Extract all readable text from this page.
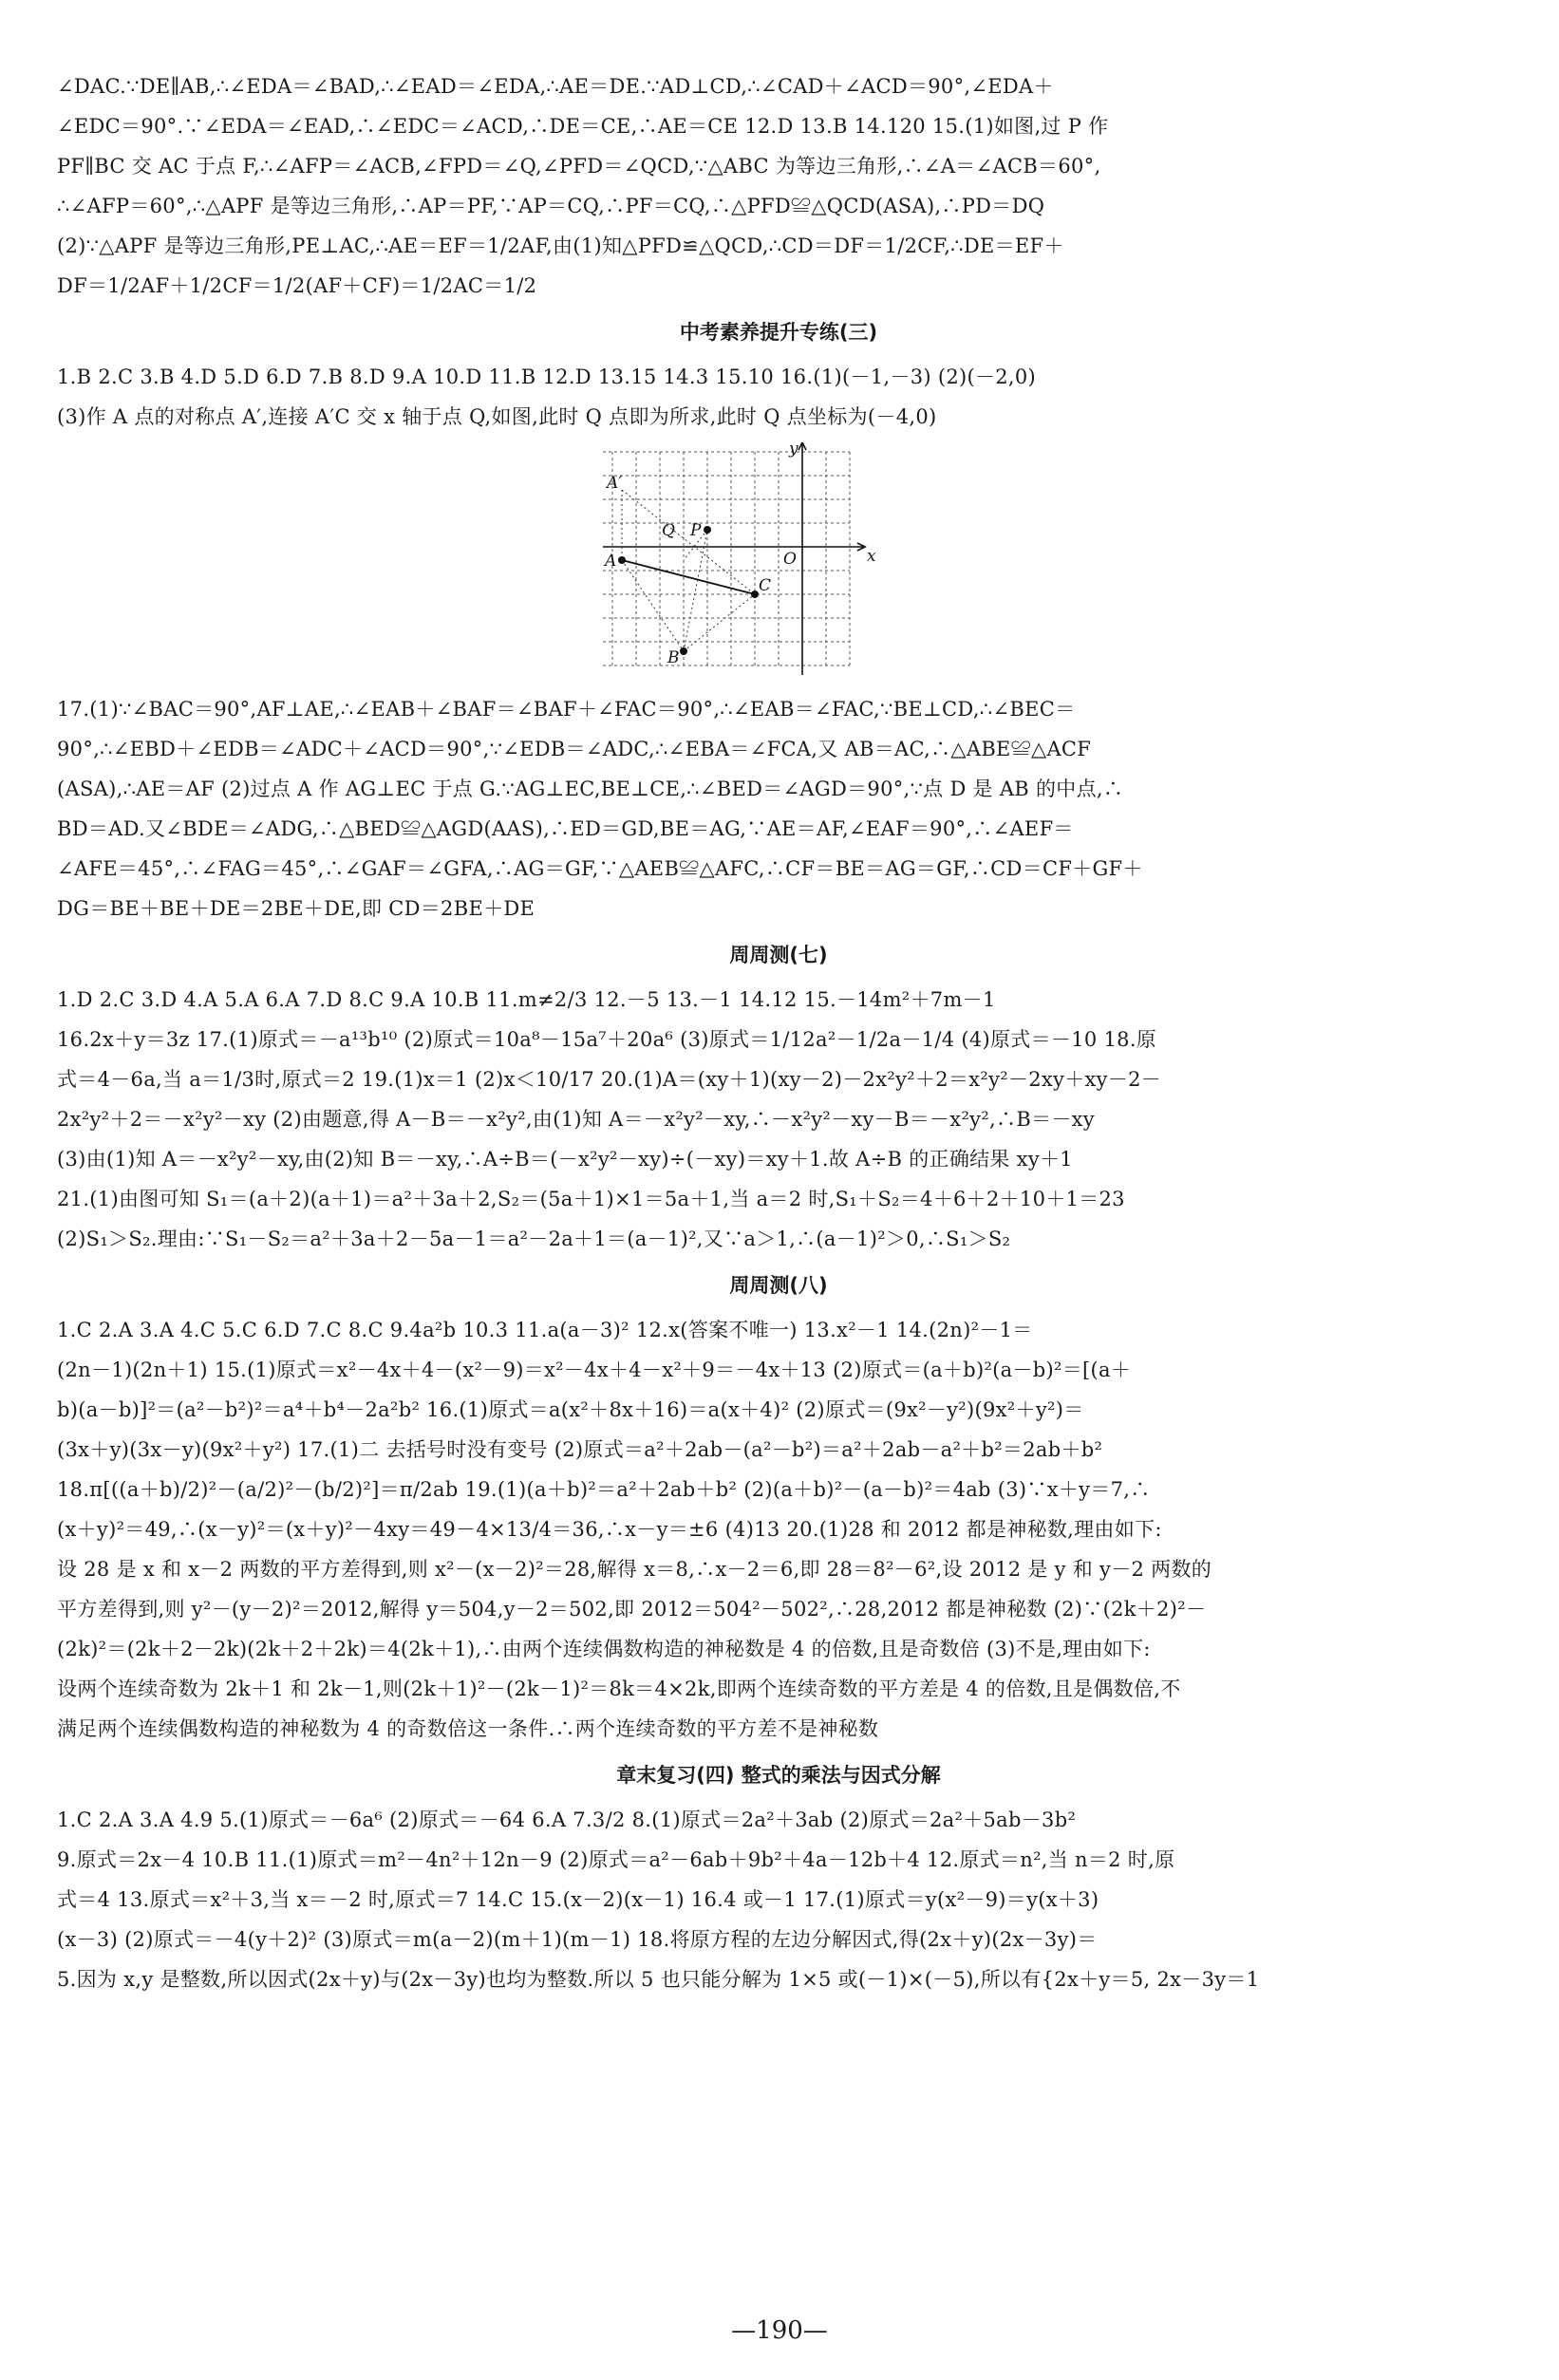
∠DAC.∵DE∥AB,∴∠EDA＝∠BAD,∴∠EAD＝∠EDA,∴AE＝DE.∵AD⊥CD,∴∠CAD＋∠ACD＝90°,∠EDA＋
∠EDC＝90°.∵∠EDA＝∠EAD,∴∠EDC＝∠ACD,∴DE＝CE,∴AE＝CE 12.D 13.B 14.120 15.(1)如图,过 P 作
PF∥BC 交 AC 于点 F,∴∠AFP＝∠ACB,∠FPD＝∠Q,∠PFD＝∠QCD,∵△ABC 为等边三角形,∴∠A＝∠ACB＝60°,
∴∠AFP＝60°,∴△APF 是等边三角形,∴AP＝PF,∵AP＝CQ,∴PF＝CQ,∴△PFD≌△QCD(ASA),∴PD＝DQ
(2)∵△APF 是等边三角形,PE⊥AC,∴AE＝EF＝1/2AF,由(1)知△PFD≌△QCD,∴CD＝DF＝1/2CF,∴DE＝EF＋
DF＝1/2AF＋1/2CF＝1/2(AF＋CF)＝1/2AC＝1/2
中考素养提升专练(三)
1.B 2.C 3.B 4.D 5.D 6.D 7.B 8.D 9.A 10.D 11.B 12.D 13.15 14.3 15.10 16.(1)(－1,－3) (2)(－2,0)
(3)作 A 点的对称点 A′,连接 A′C 交 x 轴于点 Q,如图,此时 Q 点即为所求,此时 Q 点坐标为(－4,0)
A′
Q P
A
C
B
O	x
y
17.(1)∵∠BAC＝90°,AF⊥AE,∴∠EAB＋∠BAF＝∠BAF＋∠FAC＝90°,∴∠EAB＝∠FAC,∵BE⊥CD,∴∠BEC＝
90°,∴∠EBD＋∠EDB＝∠ADC＋∠ACD＝90°,∵∠EDB＝∠ADC,∴∠EBA＝∠FCA,又 AB＝AC,∴△ABE≌△ACF
(ASA),∴AE＝AF (2)过点 A 作 AG⊥EC 于点 G.∵AG⊥EC,BE⊥CE,∴∠BED＝∠AGD＝90°,∵点 D 是 AB 的中点,∴
BD＝AD.又∠BDE＝∠ADG,∴△BED≌△AGD(AAS),∴ED＝GD,BE＝AG,∵AE＝AF,∠EAF＝90°,∴∠AEF＝
∠AFE＝45°,∴∠FAG＝45°,∴∠GAF＝∠GFA,∴AG＝GF,∵△AEB≌△AFC,∴CF＝BE＝AG＝GF,∴CD＝CF＋GF＋
DG＝BE＋BE＋DE＝2BE＋DE,即 CD＝2BE＋DE
周周测(七)
1.D 2.C 3.D 4.A 5.A 6.A 7.D 8.C 9.A 10.B 11.m≠2/3 12.－5 13.－1 14.12 15.－14m²＋7m－1
16.2x＋y＝3z 17.(1)原式＝－a¹³b¹⁰ (2)原式＝10a⁸－15a⁷＋20a⁶ (3)原式＝1/12a²－1/2a－1/4 (4)原式＝－10 18.原
式＝4－6a,当 a＝1/3时,原式＝2 19.(1)x＝1 (2)x＜10/17 20.(1)A＝(xy＋1)(xy－2)－2x²y²＋2＝x²y²－2xy＋xy－2－
2x²y²＋2＝－x²y²－xy (2)由题意,得 A－B＝－x²y²,由(1)知 A＝－x²y²－xy,∴－x²y²－xy－B＝－x²y²,∴B＝－xy
(3)由(1)知 A＝－x²y²－xy,由(2)知 B＝－xy,∴A÷B＝(－x²y²－xy)÷(－xy)＝xy＋1.故 A÷B 的正确结果 xy＋1
21.(1)由图可知 S₁＝(a＋2)(a＋1)＝a²＋3a＋2,S₂＝(5a＋1)×1＝5a＋1,当 a＝2 时,S₁＋S₂＝4＋6＋2＋10＋1＝23
(2)S₁＞S₂.理由:∵S₁－S₂＝a²＋3a＋2－5a－1＝a²－2a＋1＝(a－1)²,又∵a＞1,∴(a－1)²＞0,∴S₁＞S₂
周周测(八)
1.C 2.A 3.A 4.C 5.C 6.D 7.C 8.C 9.4a²b 10.3 11.a(a－3)² 12.x(答案不唯一) 13.x²－1 14.(2n)²－1＝
(2n－1)(2n＋1) 15.(1)原式＝x²－4x＋4－(x²－9)＝x²－4x＋4－x²＋9＝－4x＋13 (2)原式＝(a＋b)²(a－b)²＝[(a＋
b)(a－b)]²＝(a²－b²)²＝a⁴＋b⁴－2a²b² 16.(1)原式＝a(x²＋8x＋16)＝a(x＋4)² (2)原式＝(9x²－y²)(9x²＋y²)＝
(3x＋y)(3x－y)(9x²＋y²) 17.(1)二 去括号时没有变号 (2)原式＝a²＋2ab－(a²－b²)＝a²＋2ab－a²＋b²＝2ab＋b²
18.π[((a＋b)/2)²－(a/2)²－(b/2)²]＝π/2ab 19.(1)(a＋b)²＝a²＋2ab＋b² (2)(a＋b)²－(a－b)²＝4ab (3)∵x＋y＝7,∴
(x＋y)²＝49,∴(x－y)²＝(x＋y)²－4xy＝49－4×13/4＝36,∴x－y＝±6 (4)13 20.(1)28 和 2012 都是神秘数,理由如下:
设 28 是 x 和 x－2 两数的平方差得到,则 x²－(x－2)²＝28,解得 x＝8,∴x－2＝6,即 28＝8²－6²,设 2012 是 y 和 y－2 两数的
平方差得到,则 y²－(y－2)²＝2012,解得 y＝504,y－2＝502,即 2012＝504²－502²,∴28,2012 都是神秘数 (2)∵(2k＋2)²－
(2k)²＝(2k＋2－2k)(2k＋2＋2k)＝4(2k＋1),∴由两个连续偶数构造的神秘数是 4 的倍数,且是奇数倍 (3)不是,理由如下:
设两个连续奇数为 2k＋1 和 2k－1,则(2k＋1)²－(2k－1)²＝8k＝4×2k,即两个连续奇数的平方差是 4 的倍数,且是偶数倍,不
满足两个连续偶数构造的神秘数为 4 的奇数倍这一条件.∴两个连续奇数的平方差不是神秘数
章末复习(四) 整式的乘法与因式分解
1.C 2.A 3.A 4.9 5.(1)原式＝－6a⁶ (2)原式＝－64 6.A 7.3/2 8.(1)原式＝2a²＋3ab (2)原式＝2a²＋5ab－3b²
9.原式＝2x－4 10.B 11.(1)原式＝m²－4n²＋12n－9 (2)原式＝a²－6ab＋9b²＋4a－12b＋4 12.原式＝n²,当 n＝2 时,原
式＝4 13.原式＝x²＋3,当 x＝－2 时,原式＝7 14.C 15.(x－2)(x－1) 16.4 或－1 17.(1)原式＝y(x²－9)＝y(x＋3)
(x－3) (2)原式＝－4(y＋2)² (3)原式＝m(a－2)(m＋1)(m－1) 18.将原方程的左边分解因式,得(2x＋y)(2x－3y)＝
5.因为 x,y 是整数,所以因式(2x＋y)与(2x－3y)也均为整数.所以 5 也只能分解为 1×5 或(－1)×(－5),所以有{2x＋y＝5, 2x－3y＝1
—190—
